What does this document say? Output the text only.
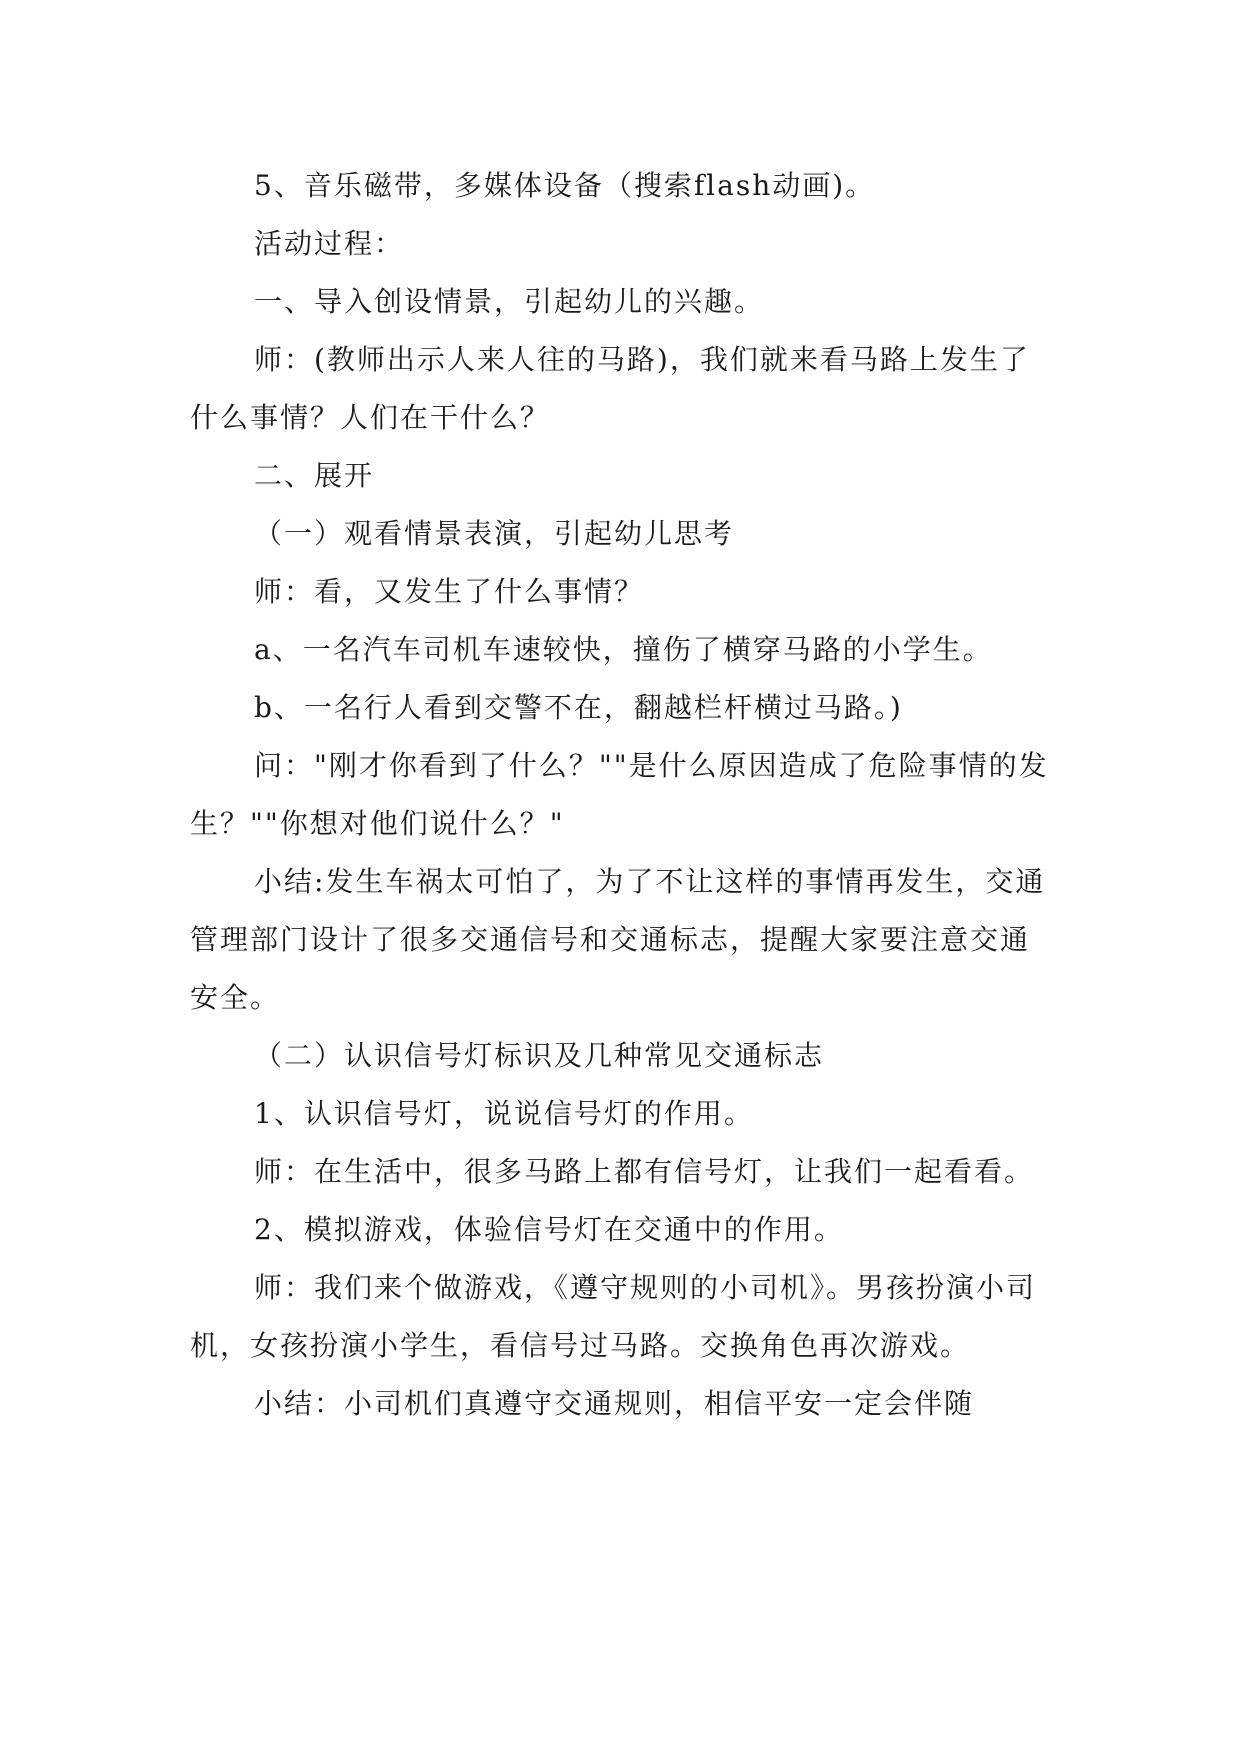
5、音乐磁带，多媒体设备（搜索flash动画)。

活动过程：

一、导入创设情景，引起幼儿的兴趣。

师：(教师出示人来人往的马路)，我们就来看马路上发生了什么事情？人们在干什么？

二、展开

（一）观看情景表演，引起幼儿思考

师：看，又发生了什么事情？

a、一名汽车司机车速较快，撞伤了横穿马路的小学生。

b、一名行人看到交警不在，翻越栏杆横过马路。)

问："刚才你看到了什么？""是什么原因造成了危险事情的发生？""你想对他们说什么？"

小结:发生车祸太可怕了，为了不让这样的事情再发生，交通管理部门设计了很多交通信号和交通标志，提醒大家要注意交通安全。

（二）认识信号灯标识及几种常见交通标志

1、认识信号灯，说说信号灯的作用。

师：在生活中，很多马路上都有信号灯，让我们一起看看。

2、模拟游戏，体验信号灯在交通中的作用。

师：我们来个做游戏，《遵守规则的小司机》。男孩扮演小司机，女孩扮演小学生，看信号过马路。交换角色再次游戏。

小结：小司机们真遵守交通规则，相信平安一定会伴随
